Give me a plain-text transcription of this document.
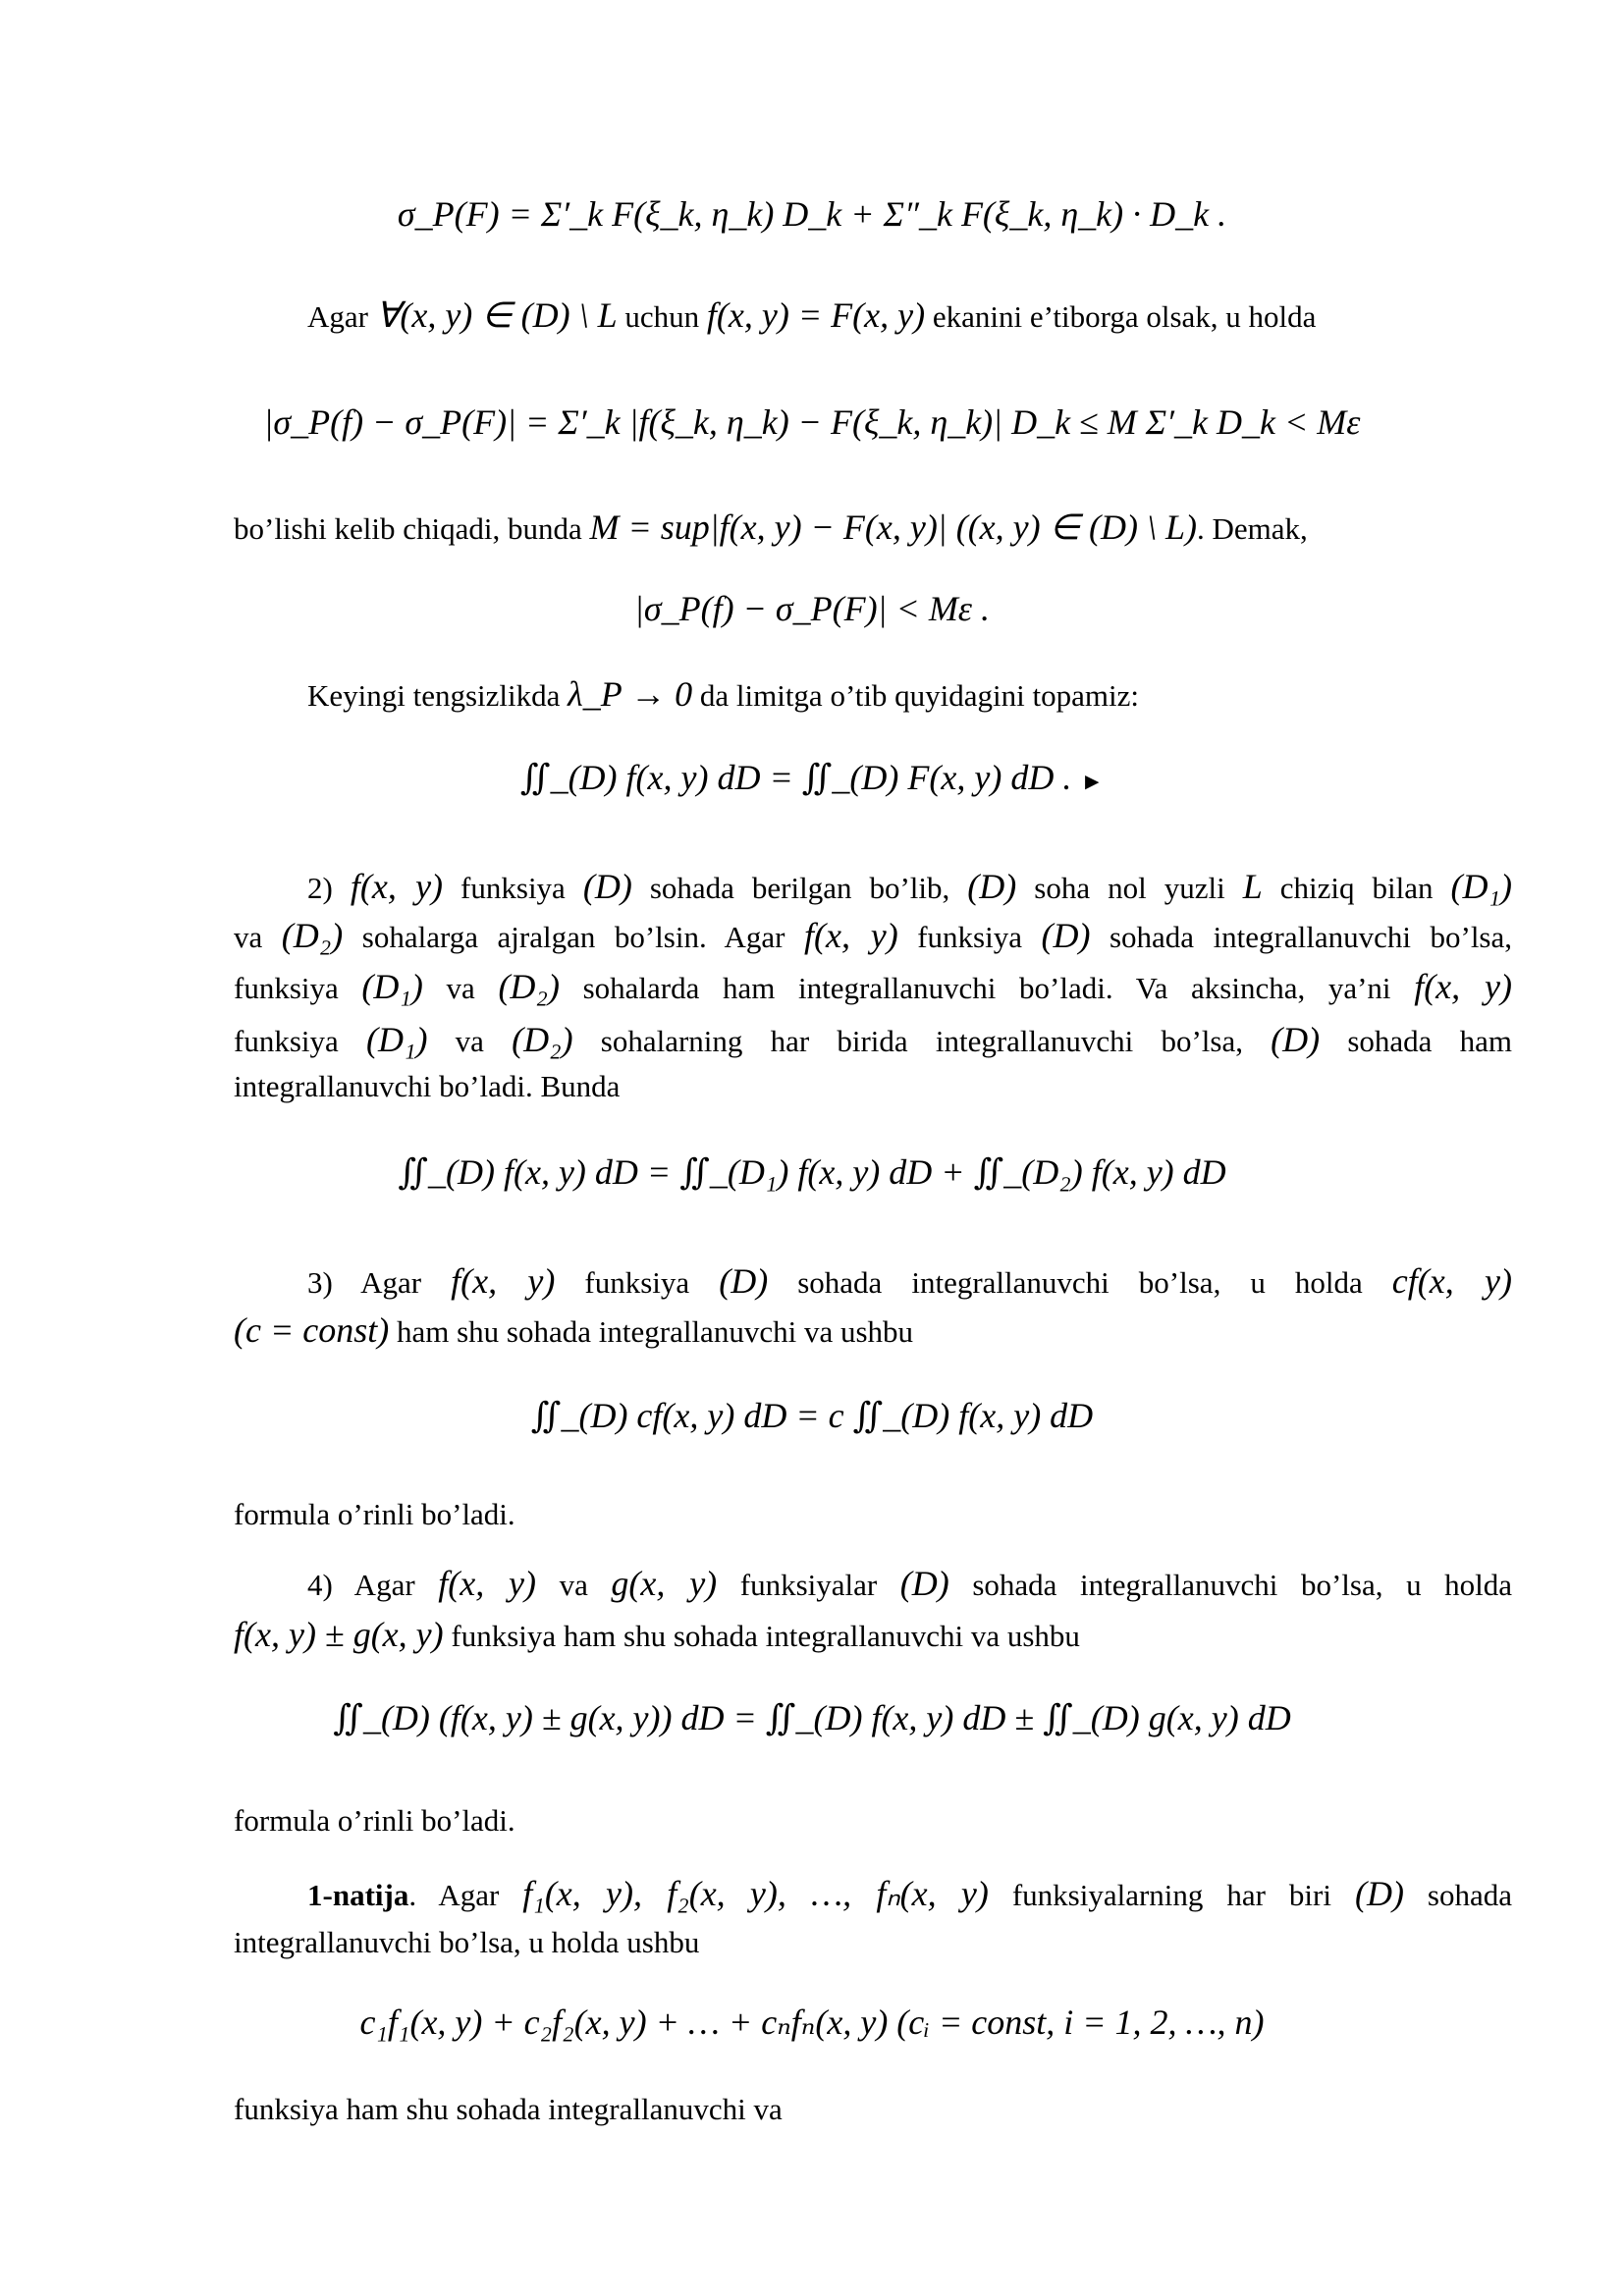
σ_P(F) = Σ′_k F(ξ_k, η_k) D_k + Σ″_k F(ξ_k, η_k) · D_k .
Agar ∀(x, y) ∈ (D) \ L uchun f(x, y) = F(x, y) ekanini e’tiborga olsak, u holda
|σ_P(f) − σ_P(F)| = Σ′_k |f(ξ_k, η_k) − F(ξ_k, η_k)| D_k ≤ M Σ′_k D_k < Mε
bo’lishi kelib chiqadi, bunda M = sup|f(x, y) − F(x, y)| ((x, y) ∈ (D) \ L). Demak,
|σ_P(f) − σ_P(F)| < Mε .
Keyingi tengsizlikda λ_P → 0 da limitga o’tib quyidagini topamiz:
∬_(D) f(x, y) dD = ∬_(D) F(x, y) dD . ►
2) f(x, y) funksiya (D) sohada berilgan bo’lib, (D) soha nol yuzli L chiziq bilan (D₁)
va (D₂) sohalarga ajralgan bo’lsin. Agar f(x, y) funksiya (D) sohada integrallanuvchi bo’lsa,
funksiya (D₁) va (D₂) sohalarda ham integrallanuvchi bo’ladi. Va aksincha, ya’ni f(x, y)
funksiya (D₁) va (D₂) sohalarning har birida integrallanuvchi bo’lsa, (D) sohada ham
integrallanuvchi bo’ladi. Bunda
∬_(D) f(x, y) dD = ∬_(D₁) f(x, y) dD + ∬_(D₂) f(x, y) dD
3) Agar f(x, y) funksiya (D) sohada integrallanuvchi bo’lsa, u holda cf(x, y)
(c = const) ham shu sohada integrallanuvchi va ushbu
∬_(D) cf(x, y) dD = c ∬_(D) f(x, y) dD
formula o’rinli bo’ladi.
4) Agar f(x, y) va g(x, y) funksiyalar (D) sohada integrallanuvchi bo’lsa, u holda
f(x, y) ± g(x, y) funksiya ham shu sohada integrallanuvchi va ushbu
∬_(D) (f(x, y) ± g(x, y)) dD = ∬_(D) f(x, y) dD ± ∬_(D) g(x, y) dD
formula o’rinli bo’ladi.
1-natija. Agar f₁(x, y), f₂(x, y), …, fₙ(x, y) funksiyalarning har biri (D) sohada
integrallanuvchi bo’lsa, u holda ushbu
c₁f₁(x, y) + c₂f₂(x, y) + … + cₙfₙ(x, y) (cᵢ = const, i = 1, 2, …, n)
funksiya ham shu sohada integrallanuvchi va
